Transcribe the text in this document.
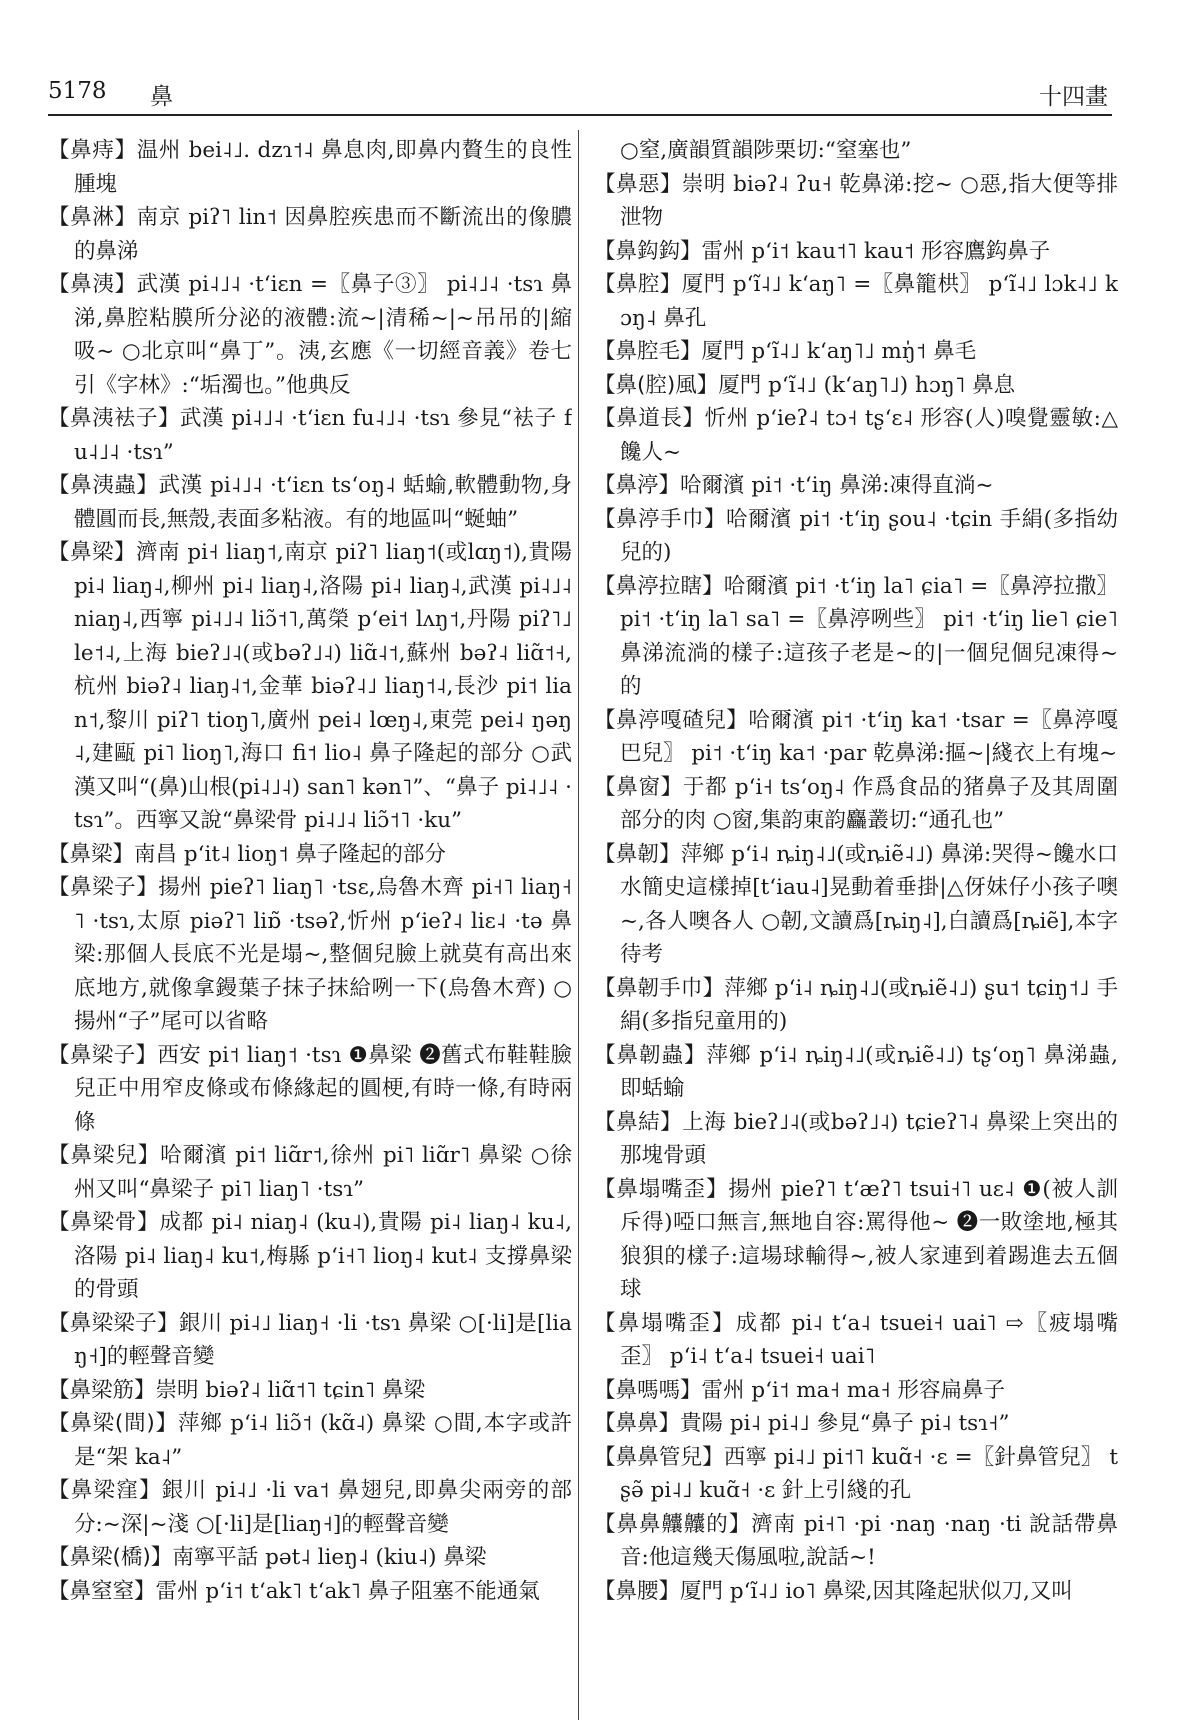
5178 鼻	十四畫

【鼻痔】温州 bei˨˩. dzɿ˦˨ 鼻息肉,即鼻内贅生的良性腫塊

【鼻淋】南京 piʔ˥ lin˦ 因鼻腔疾患而不斷流出的像膿的鼻涕

【鼻洟】武漢 pi˨˩˨ ·tʻiɛn =〖鼻子③〗 pi˨˩˨ ·tsɿ 鼻涕,鼻腔粘膜所分泌的液體:流~|清稀~|~吊吊的|縮吸~ ○北京叫“鼻丁”。洟,玄應《一切經音義》卷七引《字林》:“垢濁也。”他典反

【鼻洟袪子】武漢 pi˨˩˨ ·tʻiɛn fu˨˩˨ ·tsɿ 參見“袪子 fu˨˩˨ ·tsɿ”

【鼻洟蟲】武漢 pi˨˩˨ ·tʻiɛn tsʻoŋ˨ 蛞蝓,軟體動物,身體圓而長,無殼,表面多粘液。有的地區叫“蜒蚰”

【鼻梁】濟南 pi˧ liaŋ˦,南京 piʔ˥ liaŋ˦(或lɑŋ˦),貴陽 pi˨ liaŋ˨,柳州 pi˨ liaŋ˨,洛陽 pi˨ liaŋ˨,武漢 pi˨˩˨ niaŋ˨,西寧 pi˨˩˨ liɔ̃˦˥,萬榮 pʻei˦ lʌŋ˦,丹陽 piʔ˥˩ le˦˨,上海 bieʔ˩˨(或bəʔ˩˨) liɑ̃˨˦,蘇州 bəʔ˨ liɑ̃˦˧,杭州 biəʔ˨ liaŋ˨˦,金華 biəʔ˨˩ liaŋ˦˨,長沙 pi˦ lian˦,黎川 piʔ˥ tioŋ˥,廣州 pei˨ lœŋ˨,東莞 pei˨ ŋəŋ˨,建甌 pi˥ lioŋ˥,海口 fi˦ lio˨ 鼻子隆起的部分 ○武漢又叫“(鼻)山根(pi˨˩˨) san˥ kən˥”、“鼻子 pi˨˩˨ ·tsɿ”。西寧又說“鼻梁骨 pi˨˩˨ liɔ̃˦˥ ·ku”

【鼻梁】南昌 pʻit˨ lioŋ˦ 鼻子隆起的部分

【鼻梁子】揚州 pieʔ˥ liaŋ˥ ·tsɛ,烏魯木齊 pi˧˥ liaŋ˧˥ ·tsɿ,太原 piəʔ˥ liɒ̃ ·tsəʔ,忻州 pʻieʔ˨ liɛ˨ ·tə 鼻梁:那個人長底不光是塌~,整個兒臉上就莫有高出來底地方,就像拿鏝葉子抹子抹給咧一下(烏魯木齊) ○揚州“子”尾可以省略

【鼻梁子】西安 pi˦ liaŋ˦ ·tsɿ ❶鼻梁 ❷舊式布鞋鞋臉兒正中用窄皮條或布條緣起的圓梗,有時一條,有時兩條

【鼻梁兒】哈爾濱 pi˦ liɑ̃r˦,徐州 pi˥ liɑ̃r˥ 鼻梁 ○徐州又叫“鼻梁子 pi˥ liaŋ˥ ·tsɿ”

【鼻梁骨】成都 pi˨ niaŋ˨ (ku˨),貴陽 pi˨ liaŋ˨ ku˨,洛陽 pi˨ liaŋ˨ ku˦,梅縣 pʻi˧˥ lioŋ˨ kut˨ 支撐鼻梁的骨頭

【鼻梁梁子】銀川 pi˨˩ liaŋ˧ ·li ·tsɿ 鼻梁 ○[·li]是[liaŋ˧]的輕聲音變

【鼻梁筋】崇明 biəʔ˨ liɑ̃˦˥ tɕin˥ 鼻梁

【鼻梁(間)】萍鄉 pʻi˨ liɔ̃˦ (kɑ̃˨) 鼻梁 ○間,本字或許是“架 ka˨”

【鼻梁窪】銀川 pi˨˩ ·li va˦ 鼻翅兒,即鼻尖兩旁的部分:~深|~淺 ○[·li]是[liaŋ˧]的輕聲音變

【鼻梁(橋)】南寧平話 pət˨ lieŋ˨ (kiu˨) 鼻梁

【鼻窒窒】雷州 pʻi˦ tʻak˥ tʻak˥ 鼻子阻塞不能通氣

○窒,廣韻質韻陟栗切:“窒塞也”

【鼻惡】崇明 biəʔ˨ ʔu˧ 乾鼻涕:挖~ ○惡,指大便等排泄物

【鼻鈎鈎】雷州 pʻi˦ kau˦˥ kau˦ 形容鷹鈎鼻子

【鼻腔】厦門 pʻĩ˨˩ kʻaŋ˥ =〖鼻籠栱〗 pʻĩ˨˩ lɔk˨˩ kɔŋ˨ 鼻孔

【鼻腔毛】厦門 pʻĩ˨˩ kʻaŋ˥˩ mŋ̍˦ 鼻毛

【鼻(腔)風】厦門 pʻĩ˨˩ (kʻaŋ˥˩) hɔŋ˥ 鼻息

【鼻道長】忻州 pʻieʔ˨ tɔ˧ tʂʻɛ˨ 形容(人)嗅覺靈敏:△饞人~

【鼻渟】哈爾濱 pi˦ ·tʻiŋ 鼻涕:凍得直淌~

【鼻渟手巾】哈爾濱 pi˦ ·tʻiŋ ʂou˨ ·tɕin 手絹(多指幼兒的)

【鼻渟拉瞎】哈爾濱 pi˦ ·tʻiŋ la˥ ɕia˥ =〖鼻渟拉撒〗 pi˦ ·tʻiŋ la˥ sa˥ =〖鼻渟咧些〗 pi˦ ·tʻiŋ lie˥ ɕie˥ 鼻涕流淌的樣子:這孩子老是~的|一個兒個兒凍得~的

【鼻渟嘎碴兒】哈爾濱 pi˦ ·tʻiŋ ka˦ ·tsar =〖鼻渟嘎巴兒〗 pi˦ ·tʻiŋ ka˦ ·par 乾鼻涕:摳~|綫衣上有塊~

【鼻窗】于都 pʻi˧ tsʻoŋ˨ 作爲食品的猪鼻子及其周圍部分的肉 ○窗,集韵東韵麤叢切:“通孔也”

【鼻韌】萍鄉 pʻi˨ ȵiŋ˨˩(或ȵiẽ˨˩) 鼻涕:哭得~饞水口水簡史這樣掉[tʻiau˨]晃動着垂掛|△伢妹仔小孩子噢~,各人噢各人 ○韌,文讀爲[ȵiŋ˨],白讀爲[ȵiẽ],本字待考

【鼻韌手巾】萍鄉 pʻi˨ ȵiŋ˨˩(或ȵiẽ˨˩) ʂu˦ tɕiŋ˦˩ 手絹(多指兒童用的)

【鼻韌蟲】萍鄉 pʻi˨ ȵiŋ˨˩(或ȵiẽ˨˩) tʂʻoŋ˥ 鼻涕蟲,即蛞蝓

【鼻結】上海 bieʔ˩˨(或bəʔ˩˨) tɕieʔ˥˨ 鼻梁上突出的那塊骨頭

【鼻塌嘴歪】揚州 pieʔ˥ tʻæʔ˥ tsui˧˥ uɛ˨ ❶(被人訓斥得)啞口無言,無地自容:罵得他~ ❷一敗塗地,極其狼狽的樣子:這場球輸得~,被人家連到着踢進去五個球

【鼻塌嘴歪】成都 pi˨ tʻa˨ tsuei˧ uai˥ ⇨〖疲塌嘴歪〗 pʻi˨ tʻa˨ tsuei˧ uai˥

【鼻嗎嗎】雷州 pʻi˦ ma˧ ma˧ 形容扁鼻子

【鼻鼻】貴陽 pi˨ pi˨˩ 參見“鼻子 pi˨ tsɿ˧”

【鼻鼻管兒】西寧 pi˨˩ pi˦˥ kuɑ̃˧ ·ɛ =〖針鼻管兒〗 tʂə̃ pi˨˩ kuɑ̃˧ ·ɛ 針上引綫的孔

【鼻鼻齉齉的】濟南 pi˧˥ ·pi ·naŋ ·naŋ ·ti 說話帶鼻音:他這幾天傷風啦,說話~!

【鼻腰】厦門 pʻĩ˨˩ io˥ 鼻梁,因其隆起狀似刀,又叫
